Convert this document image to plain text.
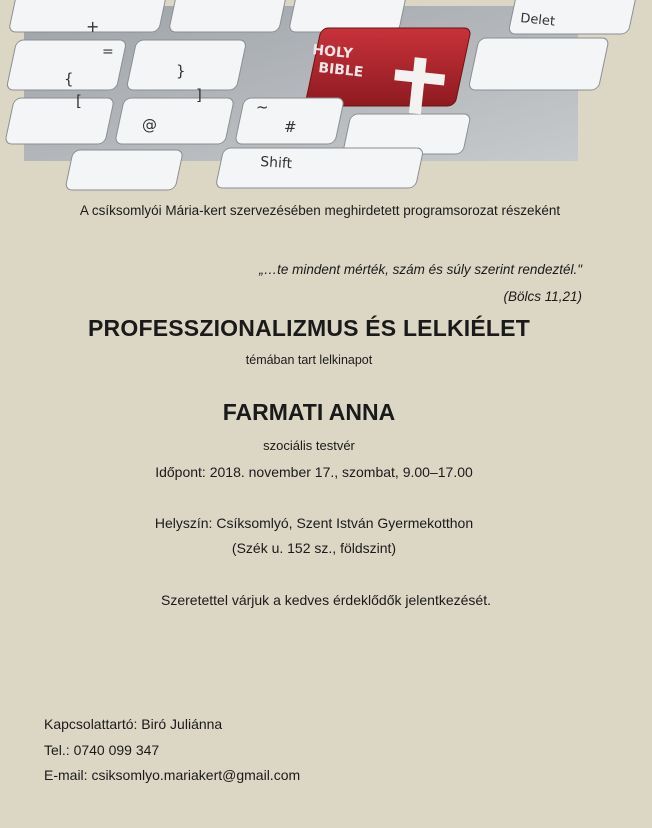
+
=
{
[
}
]
@
~
#
Shift
Delet
HOLY
BIBLE
A csíksomlyói Mária-kert szervezésében meghirdetett programsorozat részeként
„…te mindent mérték, szám és súly szerint rendeztél."
(Bölcs 11,21)
PROFESSZIONALIZMUS ÉS LELKIÉLET
témában tart lelkinapot
FARMATI ANNA
szociális testvér
Időpont: 2018. november 17., szombat, 9.00–17.00
Helyszín: Csíksomlyó, Szent István Gyermekotthon
(Szék u. 152 sz., földszint)
Szeretettel várjuk a kedves érdeklődők jelentkezését.
Kapcsolattartó: Biró Juliánna
Tel.: 0740 099 347
E-mail: csiksomlyo.mariakert@gmail.com
